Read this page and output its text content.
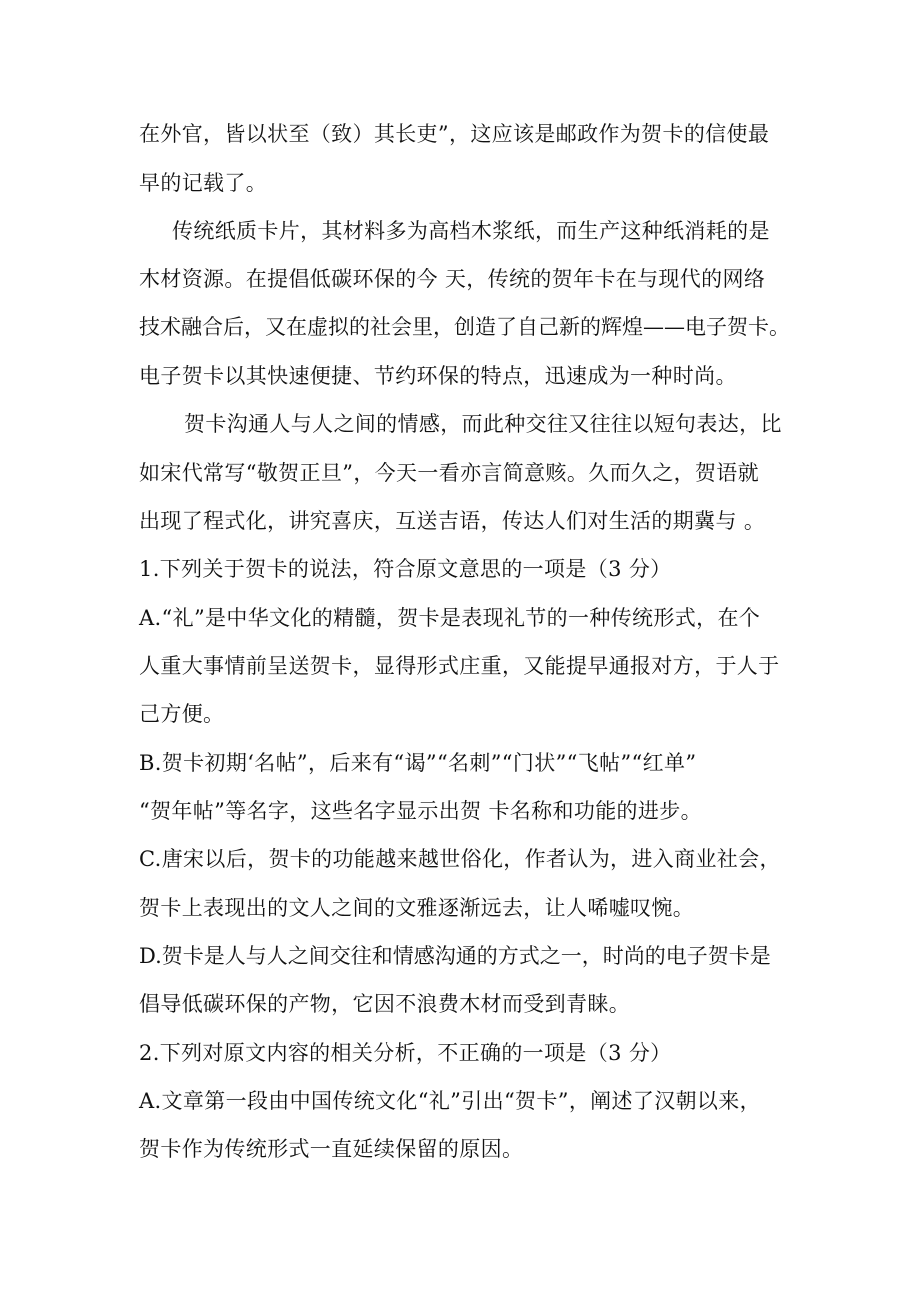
在外官，皆以状至（致）其长吏”，这应该是邮政作为贺卡的信使最
早的记载了。
传统纸质卡片，其材料多为高档木浆纸，而生产这种纸消耗的是
木材资源。在提倡低碳环保的今 天，传统的贺年卡在与现代的网络
技术融合后，又在虚拟的社会里，创造了自己新的辉煌——电子贺卡。
电子贺卡以其快速便捷、节约环保的特点，迅速成为一种时尚。
贺卡沟通人与人之间的情感，而此种交往又往往以短句表达，比
如宋代常写“敬贺正旦”，今天一看亦言简意赅。久而久之，贺语就
出现了程式化，讲究喜庆，互送吉语，传达人们对生活的期冀与 。
1.下列关于贺卡的说法，符合原文意思的一项是（3 分）
A.“礼”是中华文化的精髓，贺卡是表现礼节的一种传统形式，在个
人重大事情前呈送贺卡，显得形式庄重，又能提早通报对方，于人于
己方便。
B.贺卡初期‘名帖”，后来有“谒”“名刺”“门状”“飞帖”“红单”
“贺年帖”等名字，这些名字显示出贺 卡名称和功能的进步。
C.唐宋以后，贺卡的功能越来越世俗化，作者认为，进入商业社会，
贺卡上表现出的文人之间的文雅逐渐远去，让人唏嘘叹惋。
D.贺卡是人与人之间交往和情感沟通的方式之一，时尚的电子贺卡是
倡导低碳环保的产物，它因不浪费木材而受到青睐。
2.下列对原文内容的相关分析，不正确的一项是（3 分）
A.文章第一段由中国传统文化“礼”引出“贺卡”，阐述了汉朝以来，
贺卡作为传统形式一直延续保留的原因。
